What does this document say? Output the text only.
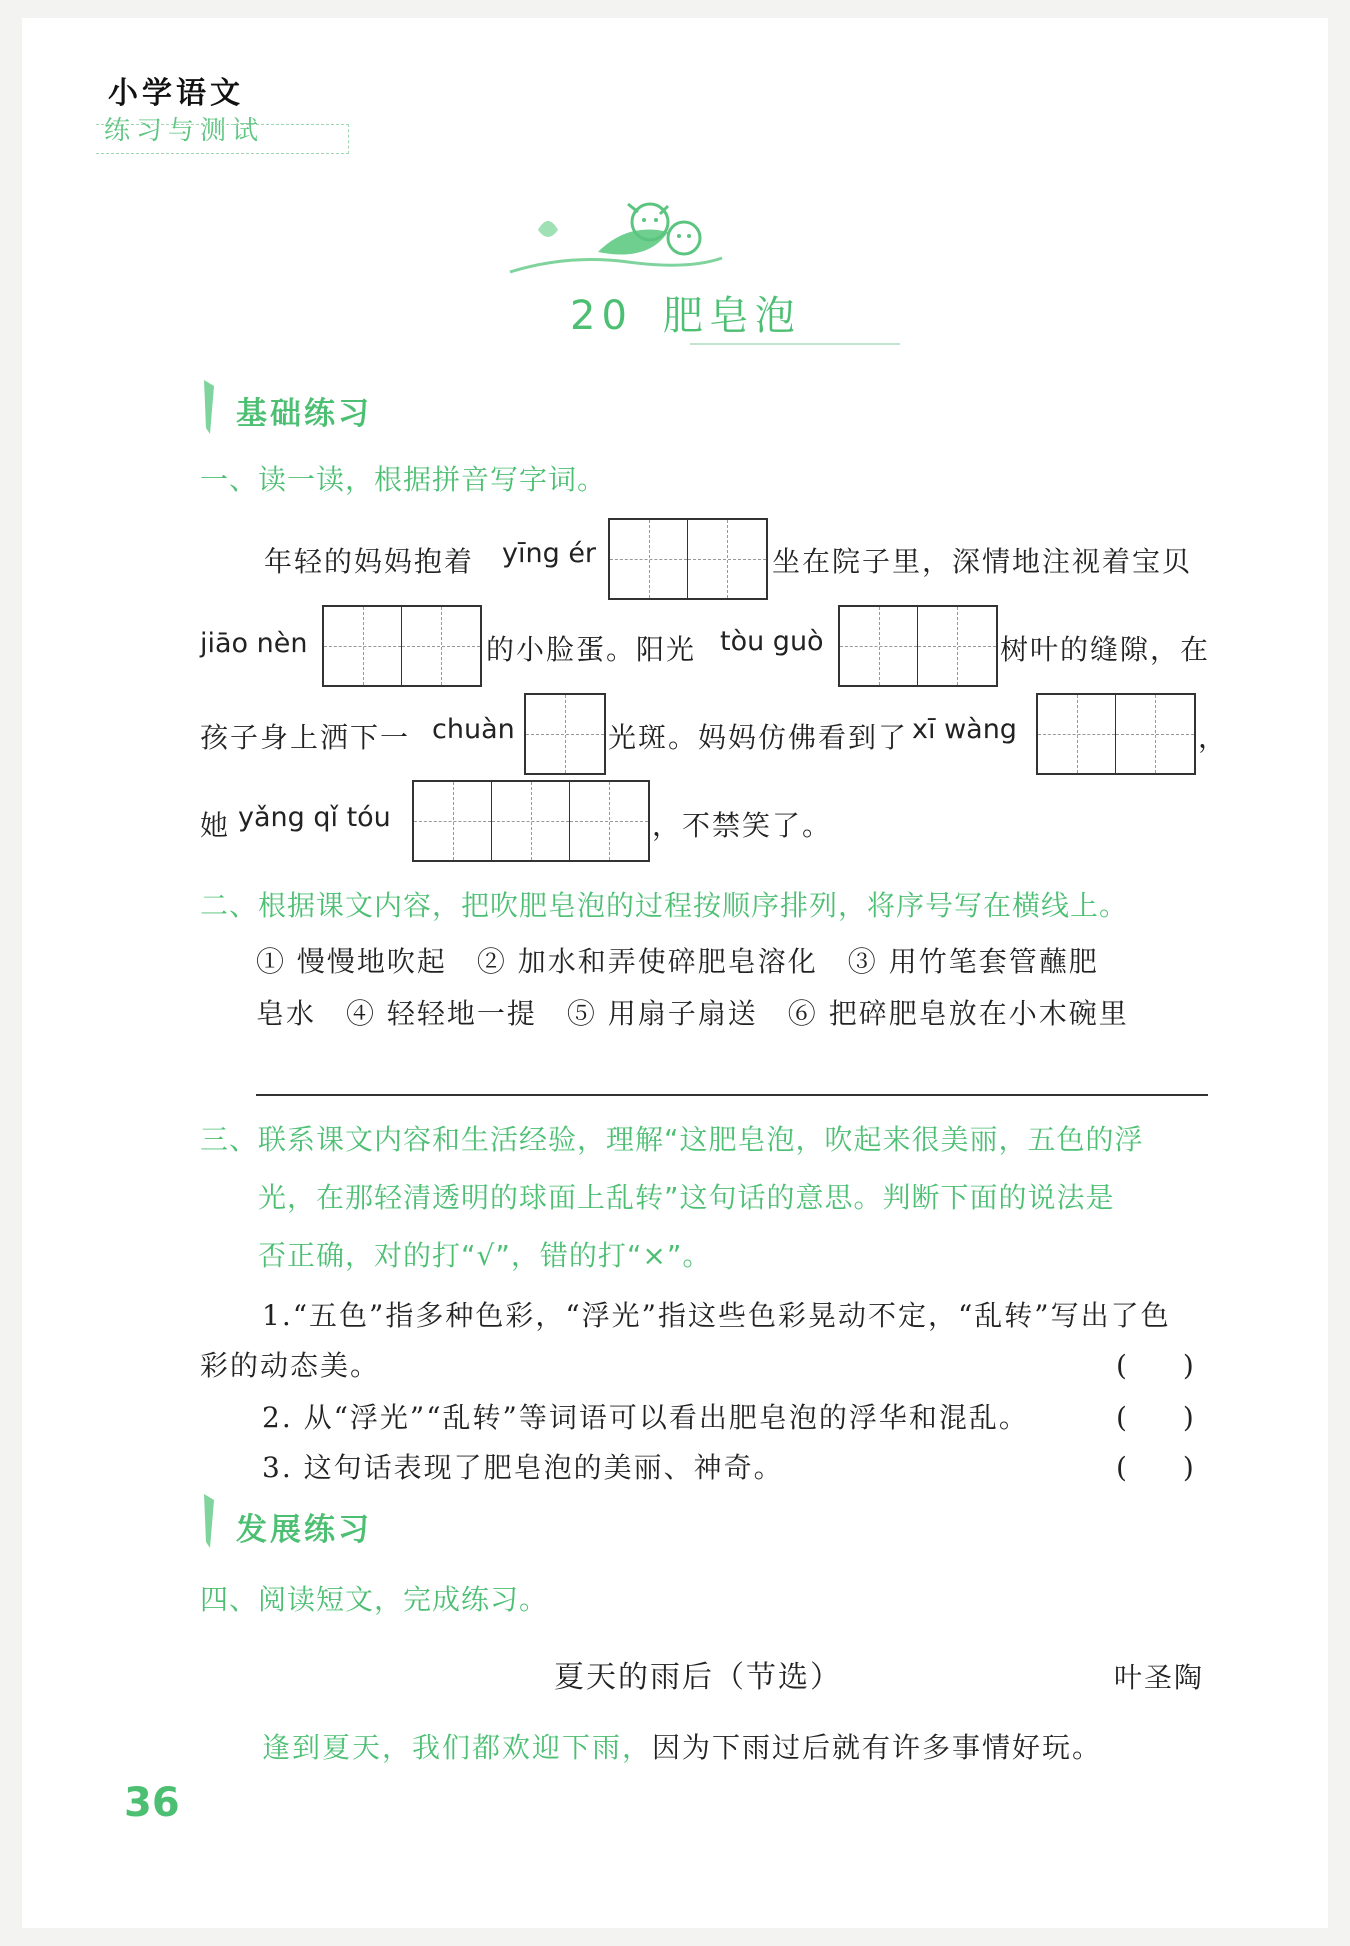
小学语文
练习与测试
20 肥皂泡
基础练习
一、读一读，根据拼音写字词。
年轻的妈妈抱着 yīng ér	坐在院子里，深情地注视着宝贝
jiāo nèn	的小脸蛋。阳光 tòu guò	树叶的缝隙，在
孩子身上洒下一 chuàn	光斑。妈妈仿佛看到了 xī wàng	，
她 yǎng qǐ tóu	，不禁笑了。
二、根据课文内容，把吹肥皂泡的过程按顺序排列，将序号写在横线上。
① 慢慢地吹起　② 加水和弄使碎肥皂溶化　③ 用竹笔套管蘸肥
皂水　④ 轻轻地一提　⑤ 用扇子扇送　⑥ 把碎肥皂放在小木碗里
三、联系课文内容和生活经验，理解“这肥皂泡，吹起来很美丽，五色的浮
光，在那轻清透明的球面上乱转”这句话的意思。判断下面的说法是
否正确，对的打“√”，错的打“×”。
1.“五色”指多种色彩，“浮光”指这些色彩晃动不定，“乱转”写出了色
彩的动态美。	(　　)
2. 从“浮光”“乱转”等词语可以看出肥皂泡的浮华和混乱。	(　　)
3. 这句话表现了肥皂泡的美丽、神奇。	(　　)
发展练习
四、阅读短文，完成练习。
夏天的雨后（节选）	叶圣陶
逢到夏天，我们都欢迎下雨，因为下雨过后就有许多事情好玩。
36
